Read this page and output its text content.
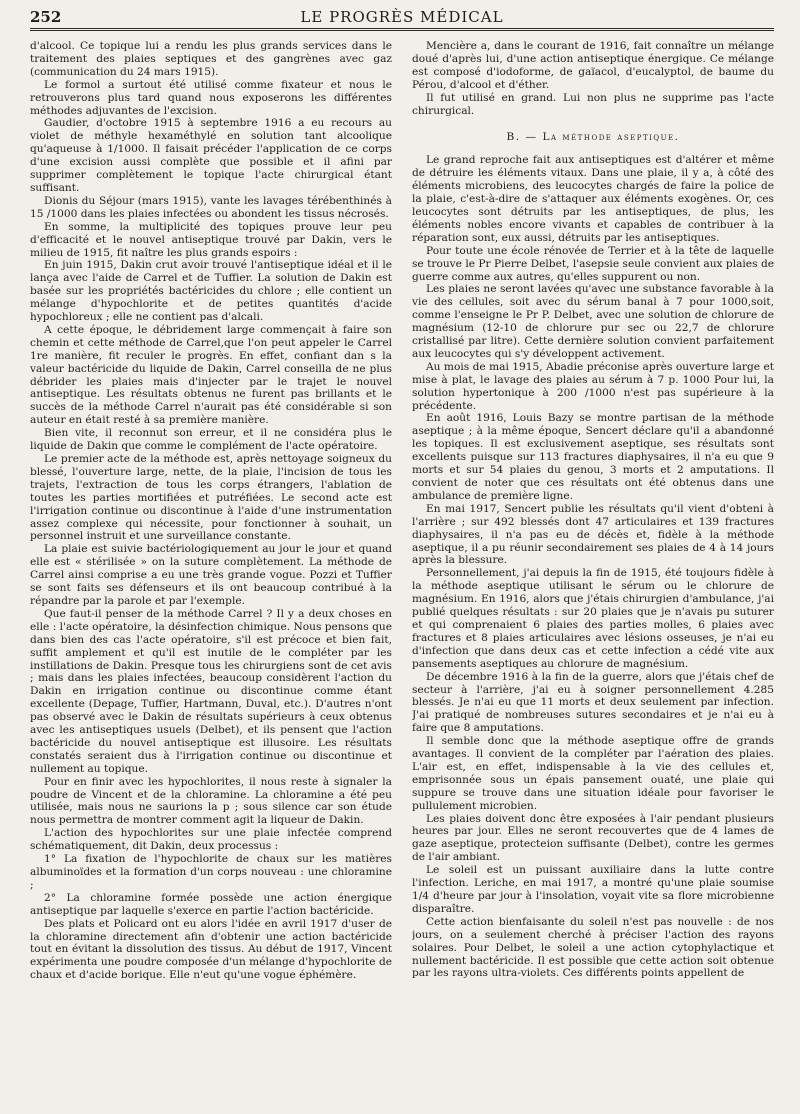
252	LE PROGRÈS MÉDICAL

d'alcool. Ce topique lui a rendu les plus grands services dans le traitement des plaies septiques et des gangrènes avec gaz (communication du 24 mars 1915).

Le formol a surtout été utilisé comme fixateur et nous le retrouverons plus tard quand nous exposerons les différentes méthodes adjuvantes de l'excision.

Gaudier, d'octobre 1915 à septembre 1916 a eu recours au violet de méthyle hexaméthylé en solution tant alcoolique qu'aqueuse à 1/1000. Il faisait précéder l'application de ce corps d'une excision aussi complète que possible et il afini par supprimer complètement le topique l'acte chirurgical étant suffisant.

Dionis du Séjour (mars 1915), vante les lavages térébenthinés à 15 /1000 dans les plaies infectées ou abondent les tissus nécrosés.

En somme, la multiplicité des topiques prouve leur peu d'efficacité et le nouvel antiseptique trouvé par Dakin, vers le milieu de 1915, fit naître les plus grands espoirs :

En juin 1915, Dakin crut avoir trouvé l'antiseptique idéal et il le lança avec l'aide de Carrel et de Tuffier. La solution de Dakin est basée sur les propriétés bactéricides du chlore ; elle contient un mélange d'hypochlorite et de petites quantités d'acide hypochloreux ; elle ne contient pas d'alcali.

A cette époque, le débridement large commençait à faire son chemin et cette méthode de Carrel,que l'on peut appeler le Carrel 1re manière, fit reculer le progrès. En effet, confiant dan s la valeur bactéricide du liquide de Dakin, Carrel conseilla de ne plus débrider les plaies mais d'injecter par le trajet le nouvel antiseptique. Les résultats obtenus ne furent pas brillants et le succès de la méthode Carrel n'aurait pas été considérable si son auteur en était resté à sa première manière.

Bien vite, il reconnut son erreur, et il ne considéra plus le liquide de Dakin que comme le complément de l'acte opératoire.

Le premier acte de la méthode est, après nettoyage soigneux du blessé, l'ouverture large, nette, de la plaie, l'incision de tous les trajets, l'extraction de tous les corps étrangers, l'ablation de toutes les parties mortifiées et putréfiées. Le second acte est l'irrigation continue ou discontinue à l'aide d'une instrumentation assez complexe qui nécessite, pour fonctionner à souhait, un personnel instruit et une surveillance constante.

La plaie est suivie bactériologiquement au jour le jour et quand elle est « stérilisée » on la suture complètement. La méthode de Carrel ainsi comprise a eu une très grande vogue. Pozzi et Tuffier se sont faits ses défenseurs et ils ont beaucoup contribué à la répandre par la parole et par l'exemple.

Que faut-il penser de la méthode Carrel ? Il y a deux choses en elle : l'acte opératoire, la désinfection chimique. Nous pensons que dans bien des cas l'acte opératoire, s'il est précoce et bien fait, suffit amplement et qu'il est inutile de le compléter par les instillations de Dakin. Presque tous les chirurgiens sont de cet avis ; mais dans les plaies infectées, beaucoup considèrent l'action du Dakin en irrigation continue ou discontinue comme étant excellente (Depage, Tuffier, Hartmann, Duval, etc.). D'autres n'ont pas observé avec le Dakin de résultats supérieurs à ceux obtenus avec les antiseptiques usuels (Delbet), et ils pensent que l'action bactéricide du nouvel antiseptique est illusoire. Les résultats constatés seraient dus à l'irrigation continue ou discontinue et nullement au topique.

Pour en finir avec les hypochlorites, il nous reste à signaler la poudre de Vincent et de la chloramine. La chloramine a été peu utilisée, mais nous ne saurions la p ; sous silence car son étude nous permettra de montrer comment agit la liqueur de Dakin.

L'action des hypochlorites sur une plaie infectée comprend schématiquement, dit Dakin, deux processus :

1° La fixation de l'hypochlorite de chaux sur les matières albuminoïdes et la formation d'un corps nouveau : une chloramine ;

2° La chloramine formée possède une action énergique antiseptique par laquelle s'exerce en partie l'action bactéricide.

Des plats et Policard ont eu alors l'idée en avril 1917 d'user de la chloramine directement afin d'obtenir une action bactéricide tout en évitant la dissolution des tissus. Au début de 1917, Vincent expérimenta une poudre composée d'un mélange d'hypochlorite de chaux et d'acide borique. Elle n'eut qu'une vogue éphémère.

Mencière a, dans le courant de 1916, fait connaître un mélange doué d'après lui, d'une action antiseptique énergique. Ce mélange est composé d'iodoforme, de gaïacol, d'eucalyptol, de baume du Pérou, d'alcool et d'éther.

Il fut utilisé en grand. Lui non plus ne supprime pas l'acte chirurgical.

B. — La méthode aseptique.

Le grand reproche fait aux antiseptiques est d'altérer et même de détruire les éléments vitaux. Dans une plaie, il y a, à côté des éléments microbiens, des leucocytes chargés de faire la police de la plaie, c'est-à-dire de s'attaquer aux éléments exogènes. Or, ces leucocytes sont détruits par les antiseptiques, de plus, les éléments nobles encore vivants et capables de contribuer à la réparation sont, eux aussi, détruits par les antiseptiques.

Pour toute une école rénovée de Terrier et à la tête de laquelle se trouve le Pr Pierre Delbet, l'asepsie seule convient aux plaies de guerre comme aux autres, qu'elles suppurent ou non.

Les plaies ne seront lavées qu'avec une substance favorable à la vie des cellules, soit avec du sérum banal à 7 pour 1000,soit, comme l'enseigne le Pr P. Delbet, avec une solution de chlorure de magnésium (12-10 de chlorure pur sec ou 22,7 de chlorure cristallisé par litre). Cette dernière solution convient parfaitement aux leucocytes qui s'y développent activement.

Au mois de mai 1915, Abadie préconise après ouverture large et mise à plat, le lavage des plaies au sérum à 7 p. 1000 Pour lui, la solution hypertonique à 200 /1000 n'est pas supérieure à la précédente.

En août 1916, Louis Bazy se montre partisan de la méthode aseptique ; à la même époque, Sencert déclare qu'il a abandonné les topiques. Il est exclusivement aseptique, ses résultats sont excellents puisque sur 113 fractures diaphysaires, il n'a eu que 9 morts et sur 54 plaies du genou, 3 morts et 2 amputations. Il convient de noter que ces résultats ont été obtenus dans une ambulance de première ligne.

En mai 1917, Sencert publie les résultats qu'il vient d'obteni à l'arrière ; sur 492 blessés dont 47 articulaires et 139 fractures diaphysaires, il n'a pas eu de décès et, fidèle à la méthode aseptique, il a pu réunir secondairement ses plaies de 4 à 14 jours après la blessure.

Personnellement, j'ai depuis la fin de 1915, été toujours fidèle à la méthode aseptique utilisant le sérum ou le chlorure de magnésium. En 1916, alors que j'étais chirurgien d'ambulance, j'ai publié quelques résultats : sur 20 plaies que je n'avais pu suturer et qui comprenaient 6 plaies des parties molles, 6 plaies avec fractures et 8 plaies articulaires avec lésions osseuses, je n'ai eu d'infection que dans deux cas et cette infection a cédé vite aux pansements aseptiques au chlorure de magnésium.

De décembre 1916 à la fin de la guerre, alors que j'étais chef de secteur à l'arrière, j'ai eu à soigner personnellement 4.285 blessés. Je n'ai eu que 11 morts et deux seulement par infection. J'ai pratiqué de nombreuses sutures secondaires et je n'ai eu à faire que 8 amputations.

Il semble donc que la méthode aseptique offre de grands avantages. Il convient de la compléter par l'aération des plaies. L'air est, en effet, indispensable à la vie des cellules et, emprisonnée sous un épais pansement ouaté, une plaie qui suppure se trouve dans une situation idéale pour favoriser le pullulement microbien.

Les plaies doivent donc être exposées à l'air pendant plusieurs heures par jour. Elles ne seront recouvertes que de 4 lames de gaze aseptique, protecteion suffisante (Delbet), contre les germes de l'air ambiant.

Le soleil est un puissant auxiliaire dans la lutte contre l'infection. Leriche, en mai 1917, a montré qu'une plaie soumise 1/4 d'heure par jour à l'insolation, voyait vite sa flore microbienne disparaître.

Cette action bienfaisante du soleil n'est pas nouvelle : de nos jours, on a seulement cherché à préciser l'action des rayons solaires. Pour Delbet, le soleil a une action cytophylactique et nullement bactéricide. Il est possible que cette action soit obtenue par les rayons ultra-violets. Ces différents points appellent de
